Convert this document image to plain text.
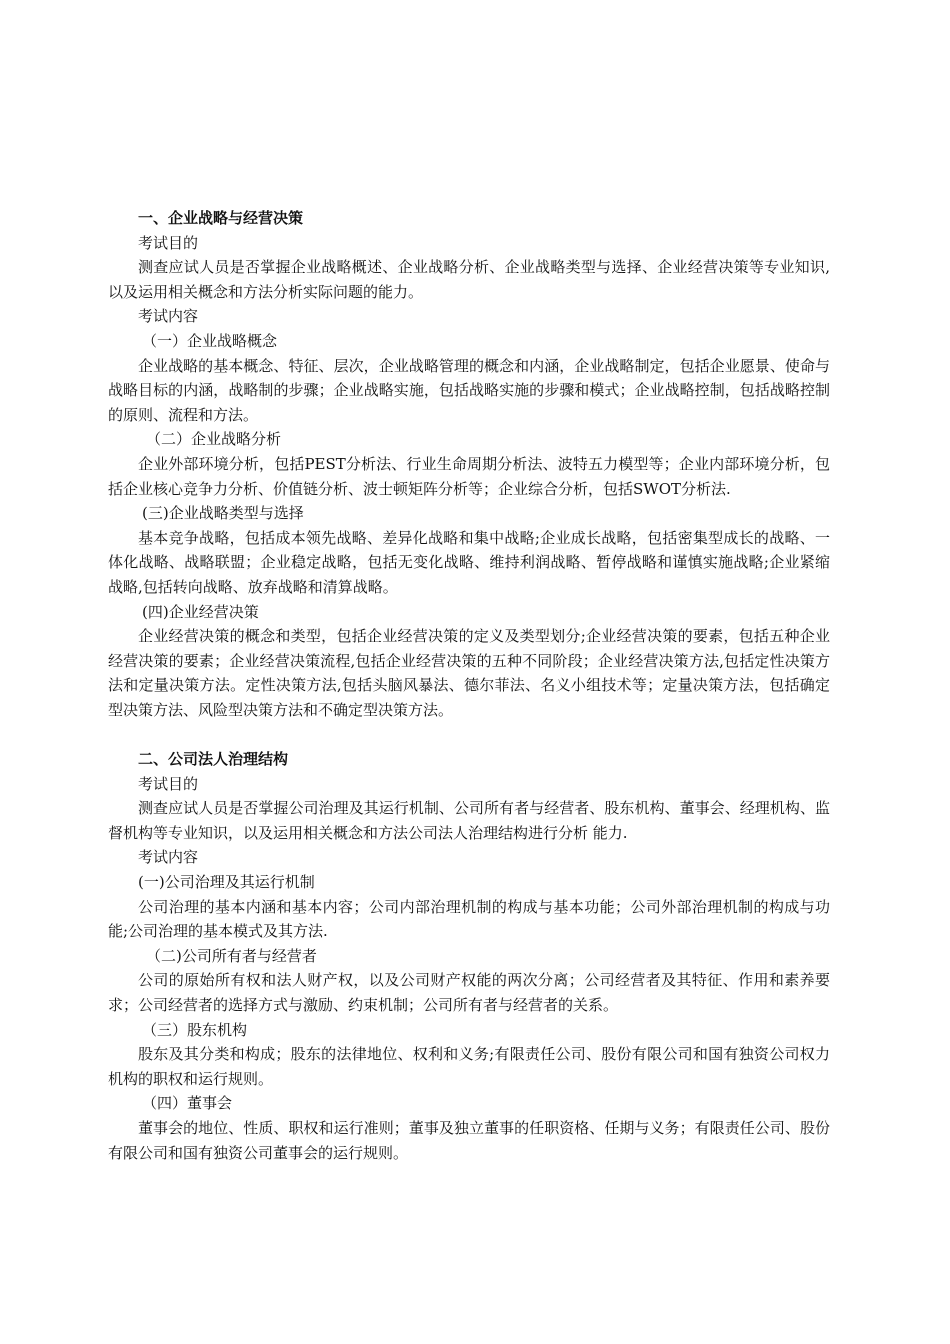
一、企业战略与经营决策

考试目的

测查应试人员是否掌握企业战略概述、企业战略分析、企业战略类型与选择、企业经营决策等专业知识,以及运用相关概念和方法分析实际问题的能力。

考试内容

（一）企业战略概念

企业战略的基本概念、特征、层次，企业战略管理的概念和内涵，企业战略制定，包括企业愿景、使命与战略目标的内涵，战略制的步骤；企业战略实施，包括战略实施的步骤和模式；企业战略控制，包括战略控制的原则、流程和方法。

（二）企业战略分析

企业外部环境分析，包括PEST分析法、行业生命周期分析法、波特五力模型等；企业内部环境分析，包括企业核心竞争力分析、价值链分析、波士顿矩阵分析等；企业综合分析，包括SWOT分析法.

(三)企业战略类型与选择

基本竞争战略，包括成本领先战略、差异化战略和集中战略;企业成长战略，包括密集型成长的战略、一体化战略、战略联盟；企业稳定战略，包括无变化战略、维持利润战略、暂停战略和谨慎实施战略;企业紧缩战略,包括转向战略、放弃战略和清算战略。

(四)企业经营决策

企业经营决策的概念和类型，包括企业经营决策的定义及类型划分;企业经营决策的要素，包括五种企业经营决策的要素；企业经营决策流程,包括企业经营决策的五种不同阶段；企业经营决策方法,包括定性决策方法和定量决策方法。定性决策方法,包括头脑风暴法、德尔菲法、名义小组技术等；定量决策方法，包括确定型决策方法、风险型决策方法和不确定型决策方法。

二、公司法人治理结构

考试目的

测查应试人员是否掌握公司治理及其运行机制、公司所有者与经营者、股东机构、董事会、经理机构、监督机构等专业知识，以及运用相关概念和方法公司法人治理结构进行分析 能力.

考试内容

(一)公司治理及其运行机制

公司治理的基本内涵和基本内容；公司内部治理机制的构成与基本功能；公司外部治理机制的构成与功能;公司治理的基本模式及其方法.

（二)公司所有者与经营者

公司的原始所有权和法人财产权，以及公司财产权能的两次分离；公司经营者及其特征、作用和素养要求；公司经营者的选择方式与激励、约束机制；公司所有者与经营者的关系。

（三）股东机构

股东及其分类和构成；股东的法律地位、权利和义务;有限责任公司、股份有限公司和国有独资公司权力机构的职权和运行规则。

（四）董事会

董事会的地位、性质、职权和运行准则；董事及独立董事的任职资格、任期与义务；有限责任公司、股份有限公司和国有独资公司董事会的运行规则。
